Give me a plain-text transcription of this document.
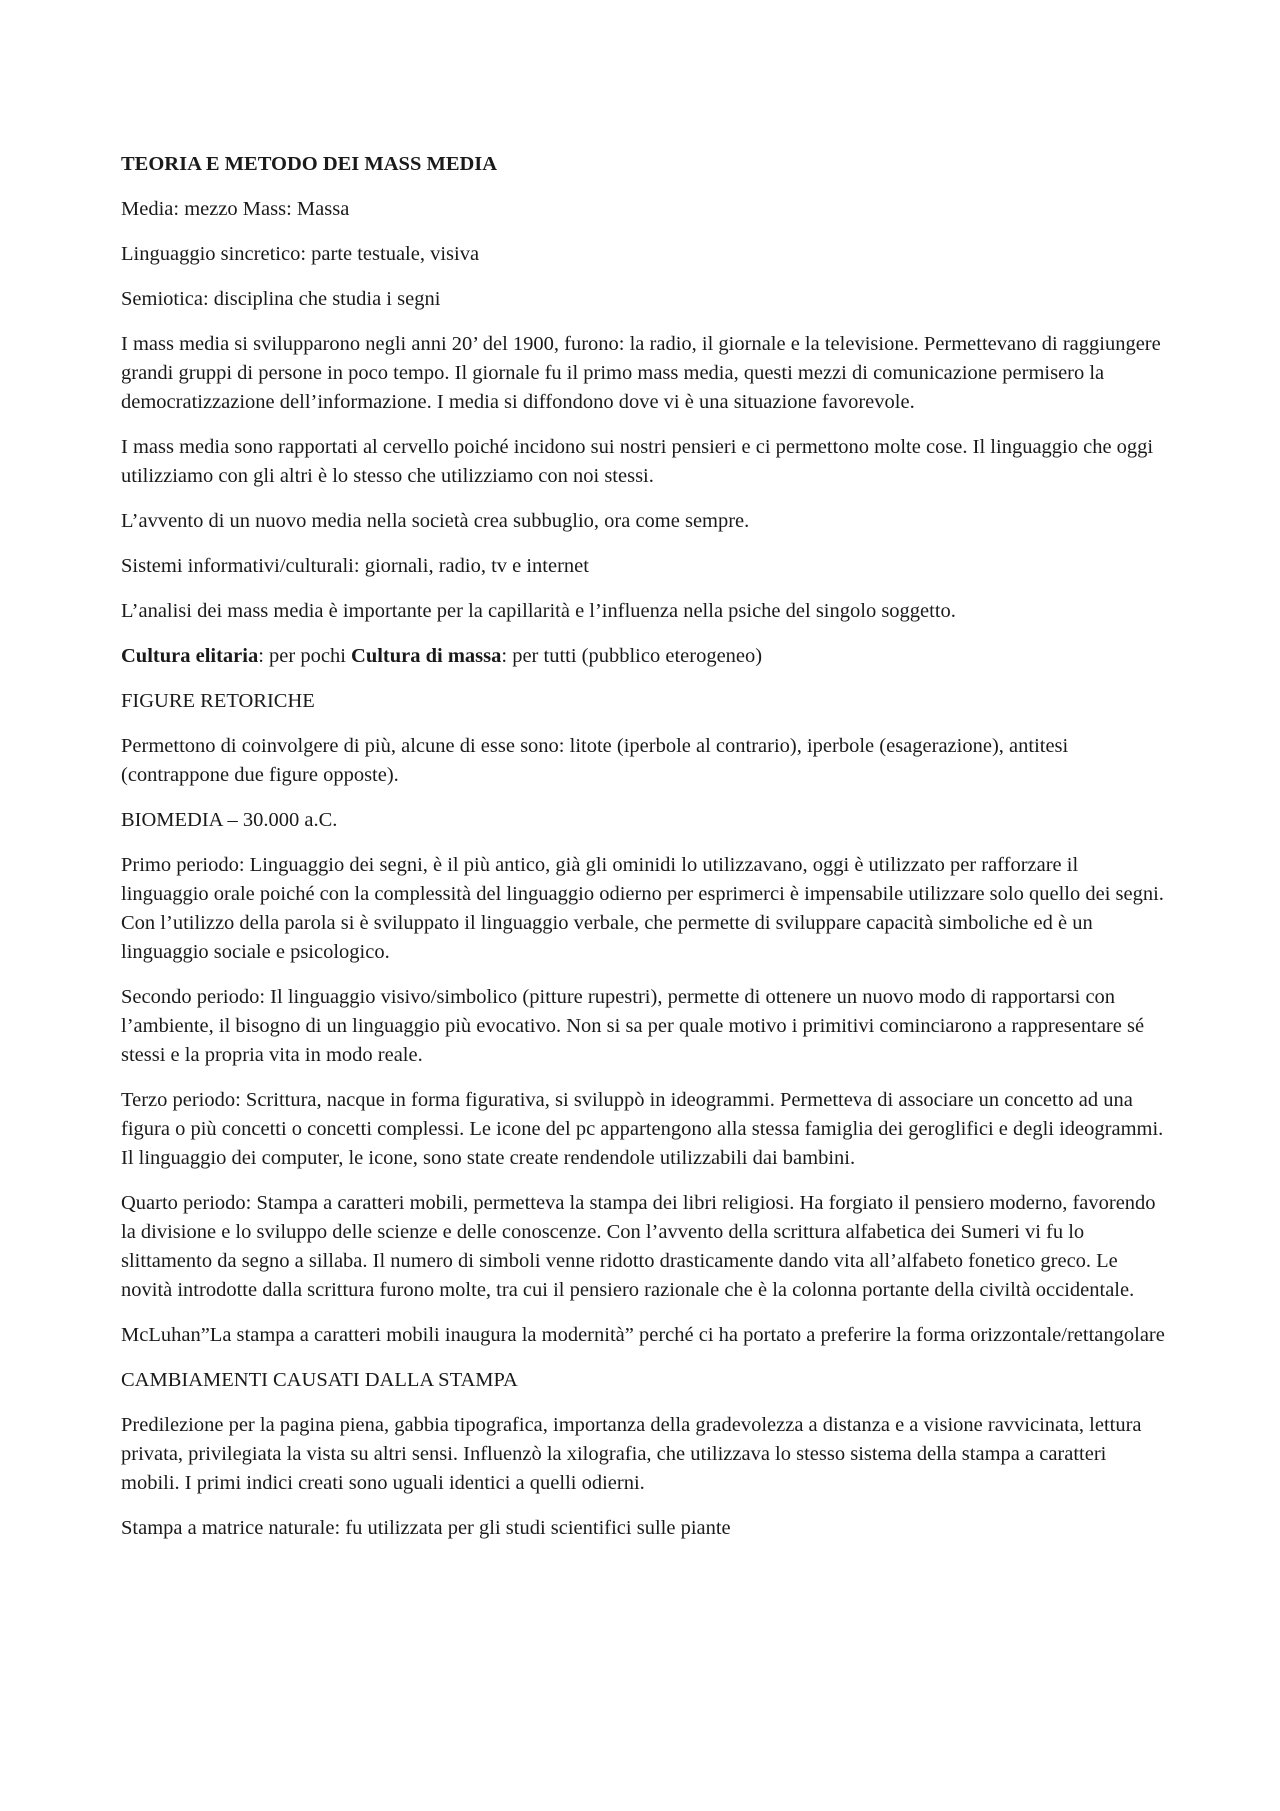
TEORIA E METODO DEI MASS MEDIA

Media: mezzo Mass: Massa

Linguaggio sincretico: parte testuale, visiva

Semiotica: disciplina che studia i segni

I mass media si svilupparono negli anni 20’ del 1900, furono: la radio, il giornale e la televisione. Permettevano di raggiungere grandi gruppi di persone in poco tempo. Il giornale fu il primo mass media, questi mezzi di comunicazione permisero la democratizzazione dell’informazione. I media si diffondono dove vi è una situazione favorevole.

I mass media sono rapportati al cervello poiché incidono sui nostri pensieri e ci permettono molte cose. Il linguaggio che oggi utilizziamo con gli altri è lo stesso che utilizziamo con noi stessi.

L’avvento di un nuovo media nella società crea subbuglio, ora come sempre.

Sistemi informativi/culturali: giornali, radio, tv e internet

L’analisi dei mass media è importante per la capillarità e l’influenza nella psiche del singolo soggetto.

Cultura elitaria: per pochi Cultura di massa: per tutti (pubblico eterogeneo)

FIGURE RETORICHE

Permettono di coinvolgere di più, alcune di esse sono: litote (iperbole al contrario), iperbole (esagerazione), antitesi (contrappone due figure opposte).

BIOMEDIA – 30.000 a.C.

Primo periodo: Linguaggio dei segni, è il più antico, già gli ominidi lo utilizzavano, oggi è utilizzato per rafforzare il linguaggio orale poiché con la complessità del linguaggio odierno per esprimerci è impensabile utilizzare solo quello dei segni. Con l’utilizzo della parola si è sviluppato il linguaggio verbale, che permette di sviluppare capacità simboliche ed è un linguaggio sociale e psicologico.

Secondo periodo: Il linguaggio visivo/simbolico (pitture rupestri), permette di ottenere un nuovo modo di rapportarsi con l’ambiente, il bisogno di un linguaggio più evocativo. Non si sa per quale motivo i primitivi cominciarono a rappresentare sé stessi e la propria vita in modo reale.

Terzo periodo: Scrittura, nacque in forma figurativa, si sviluppò in ideogrammi. Permetteva di associare un concetto ad una figura o più concetti o concetti complessi. Le icone del pc appartengono alla stessa famiglia dei geroglifici e degli ideogrammi. Il linguaggio dei computer, le icone, sono state create rendendole utilizzabili dai bambini.

Quarto periodo: Stampa a caratteri mobili, permetteva la stampa dei libri religiosi. Ha forgiato il pensiero moderno, favorendo la divisione e lo sviluppo delle scienze e delle conoscenze. Con l’avvento della scrittura alfabetica dei Sumeri vi fu lo slittamento da segno a sillaba. Il numero di simboli venne ridotto drasticamente dando vita all’alfabeto fonetico greco. Le novità introdotte dalla scrittura furono molte, tra cui il pensiero razionale che è la colonna portante della civiltà occidentale.

McLuhan”La stampa a caratteri mobili inaugura la modernità” perché ci ha portato a preferire la forma orizzontale/rettangolare

CAMBIAMENTI CAUSATI DALLA STAMPA

Predilezione per la pagina piena, gabbia tipografica, importanza della gradevolezza a distanza e a visione ravvicinata, lettura privata, privilegiata la vista su altri sensi. Influenzò la xilografia, che utilizzava lo stesso sistema della stampa a caratteri mobili. I primi indici creati sono uguali identici a quelli odierni.

Stampa a matrice naturale: fu utilizzata per gli studi scientifici sulle piante
